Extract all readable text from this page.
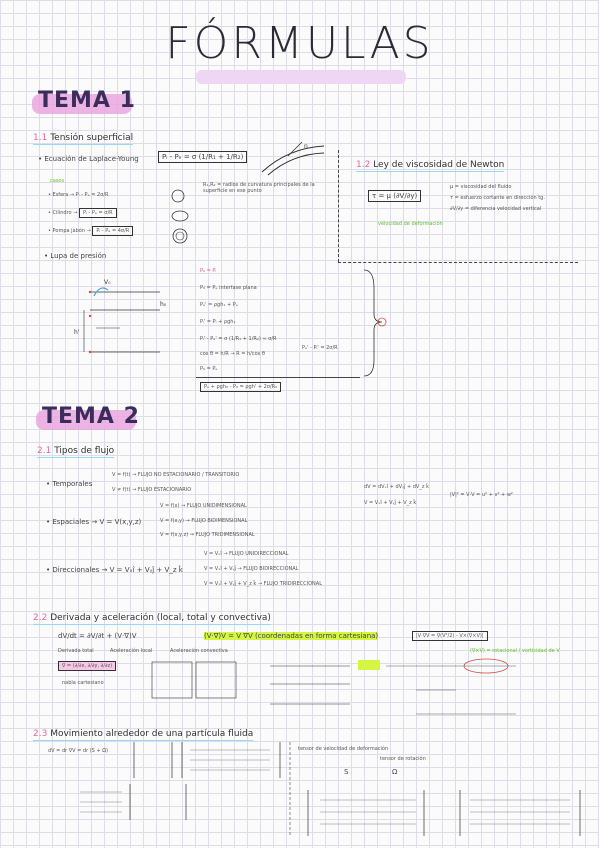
FÓRMULAS
TEMA 1
1.1 Tensión superficial
• Ecuación de Laplace-Young	Pᵢ - Pₑ = σ (1/R₁ + 1/R₂)
n
R₁,R₂ = radios de curvatura principales de la superficie en ese punto
casos
• Esfera → Pᵢ - Pₑ = 2σ/R
• Cilindro → Pᵢ - Pₑ = σ/R
• Pompa jabón → Pᵢ - Pₑ = 4σ/R
1.2 Ley de viscosidad de Newton
τ = μ (∂V/∂y)
μ = viscosidad del fluido
τ = esfuerzo cortante en dirección tg.
∂V/∂y = diferencia velocidad vertical
velocidad de deformación
• Lupa de presión
V₀
h₀
h'
P₀ = Pᵢ
P₀ = Pₑ interfase plana
Pₑ' = ρgh₁ + Pₑ
Pᵢ' = Pᵢ + ρgh₁
Pᵢ' - Pₑ' = σ (1/R₁ + 1/R₂) ≈ σ/R
cos θ = h/R → R = h/cos θ
P₀ = Pₑ
Pₑ' - Pᵢ' = 2σ/R
Pₑ + ρgh₀ - P₀ = ρgh' + 2σ/R₀
TEMA 2
2.1 Tipos de flujo
• Temporales
V = f(t) → FLUJO NO ESTACIONARIO / TRANSITORIO
V ≠ f(t) → FLUJO ESTACIONARIO
• Espaciales → V = V(x,y,z)
V = f(x) → FLUJO UNIDIMENSIONAL
V = f(x,y) → FLUJO BIDIMENSIONAL
V = f(x,y,z) → FLUJO TRIDIMENSIONAL
• Direccionales → V = Vₓî + Vᵧĵ + V_z k̂
V = Vₓî → FLUJO UNIDIRECCIONAL
V = Vₓî + Vᵧĵ → FLUJO BIDIRECCIONAL
V = Vₓî + Vᵧĵ + V_z k̂ → FLUJO TRIDIRECCIONAL
dV = dVₓî + dVᵧĵ + dV_z k̂
V = Vₓî + Vᵧĵ + V_z k̂
|V|² = V·V = u² + v² + w²
2.2 Derivada y aceleración (local, total y convectiva)
dV/dt = ∂V/∂t + (V·∇)V
Derivada total	Aceleración local	Aceleración convectiva
(V·∇)V = V ∇V (coordenadas en forma cartesiana)	|V·∇V = ∇(V²/2) - V×(∇×V)|
(∇×V) = rotacional / vorticidad de V
∇ = (∂/∂x, ∂/∂y, ∂/∂z)
nabla cartesiano
2.3 Movimiento alrededor de una partícula fluida
dV = dr ∇V = dr (S + Ω)	tensor de velocidad de deformación
tensor de rotación
S	Ω
